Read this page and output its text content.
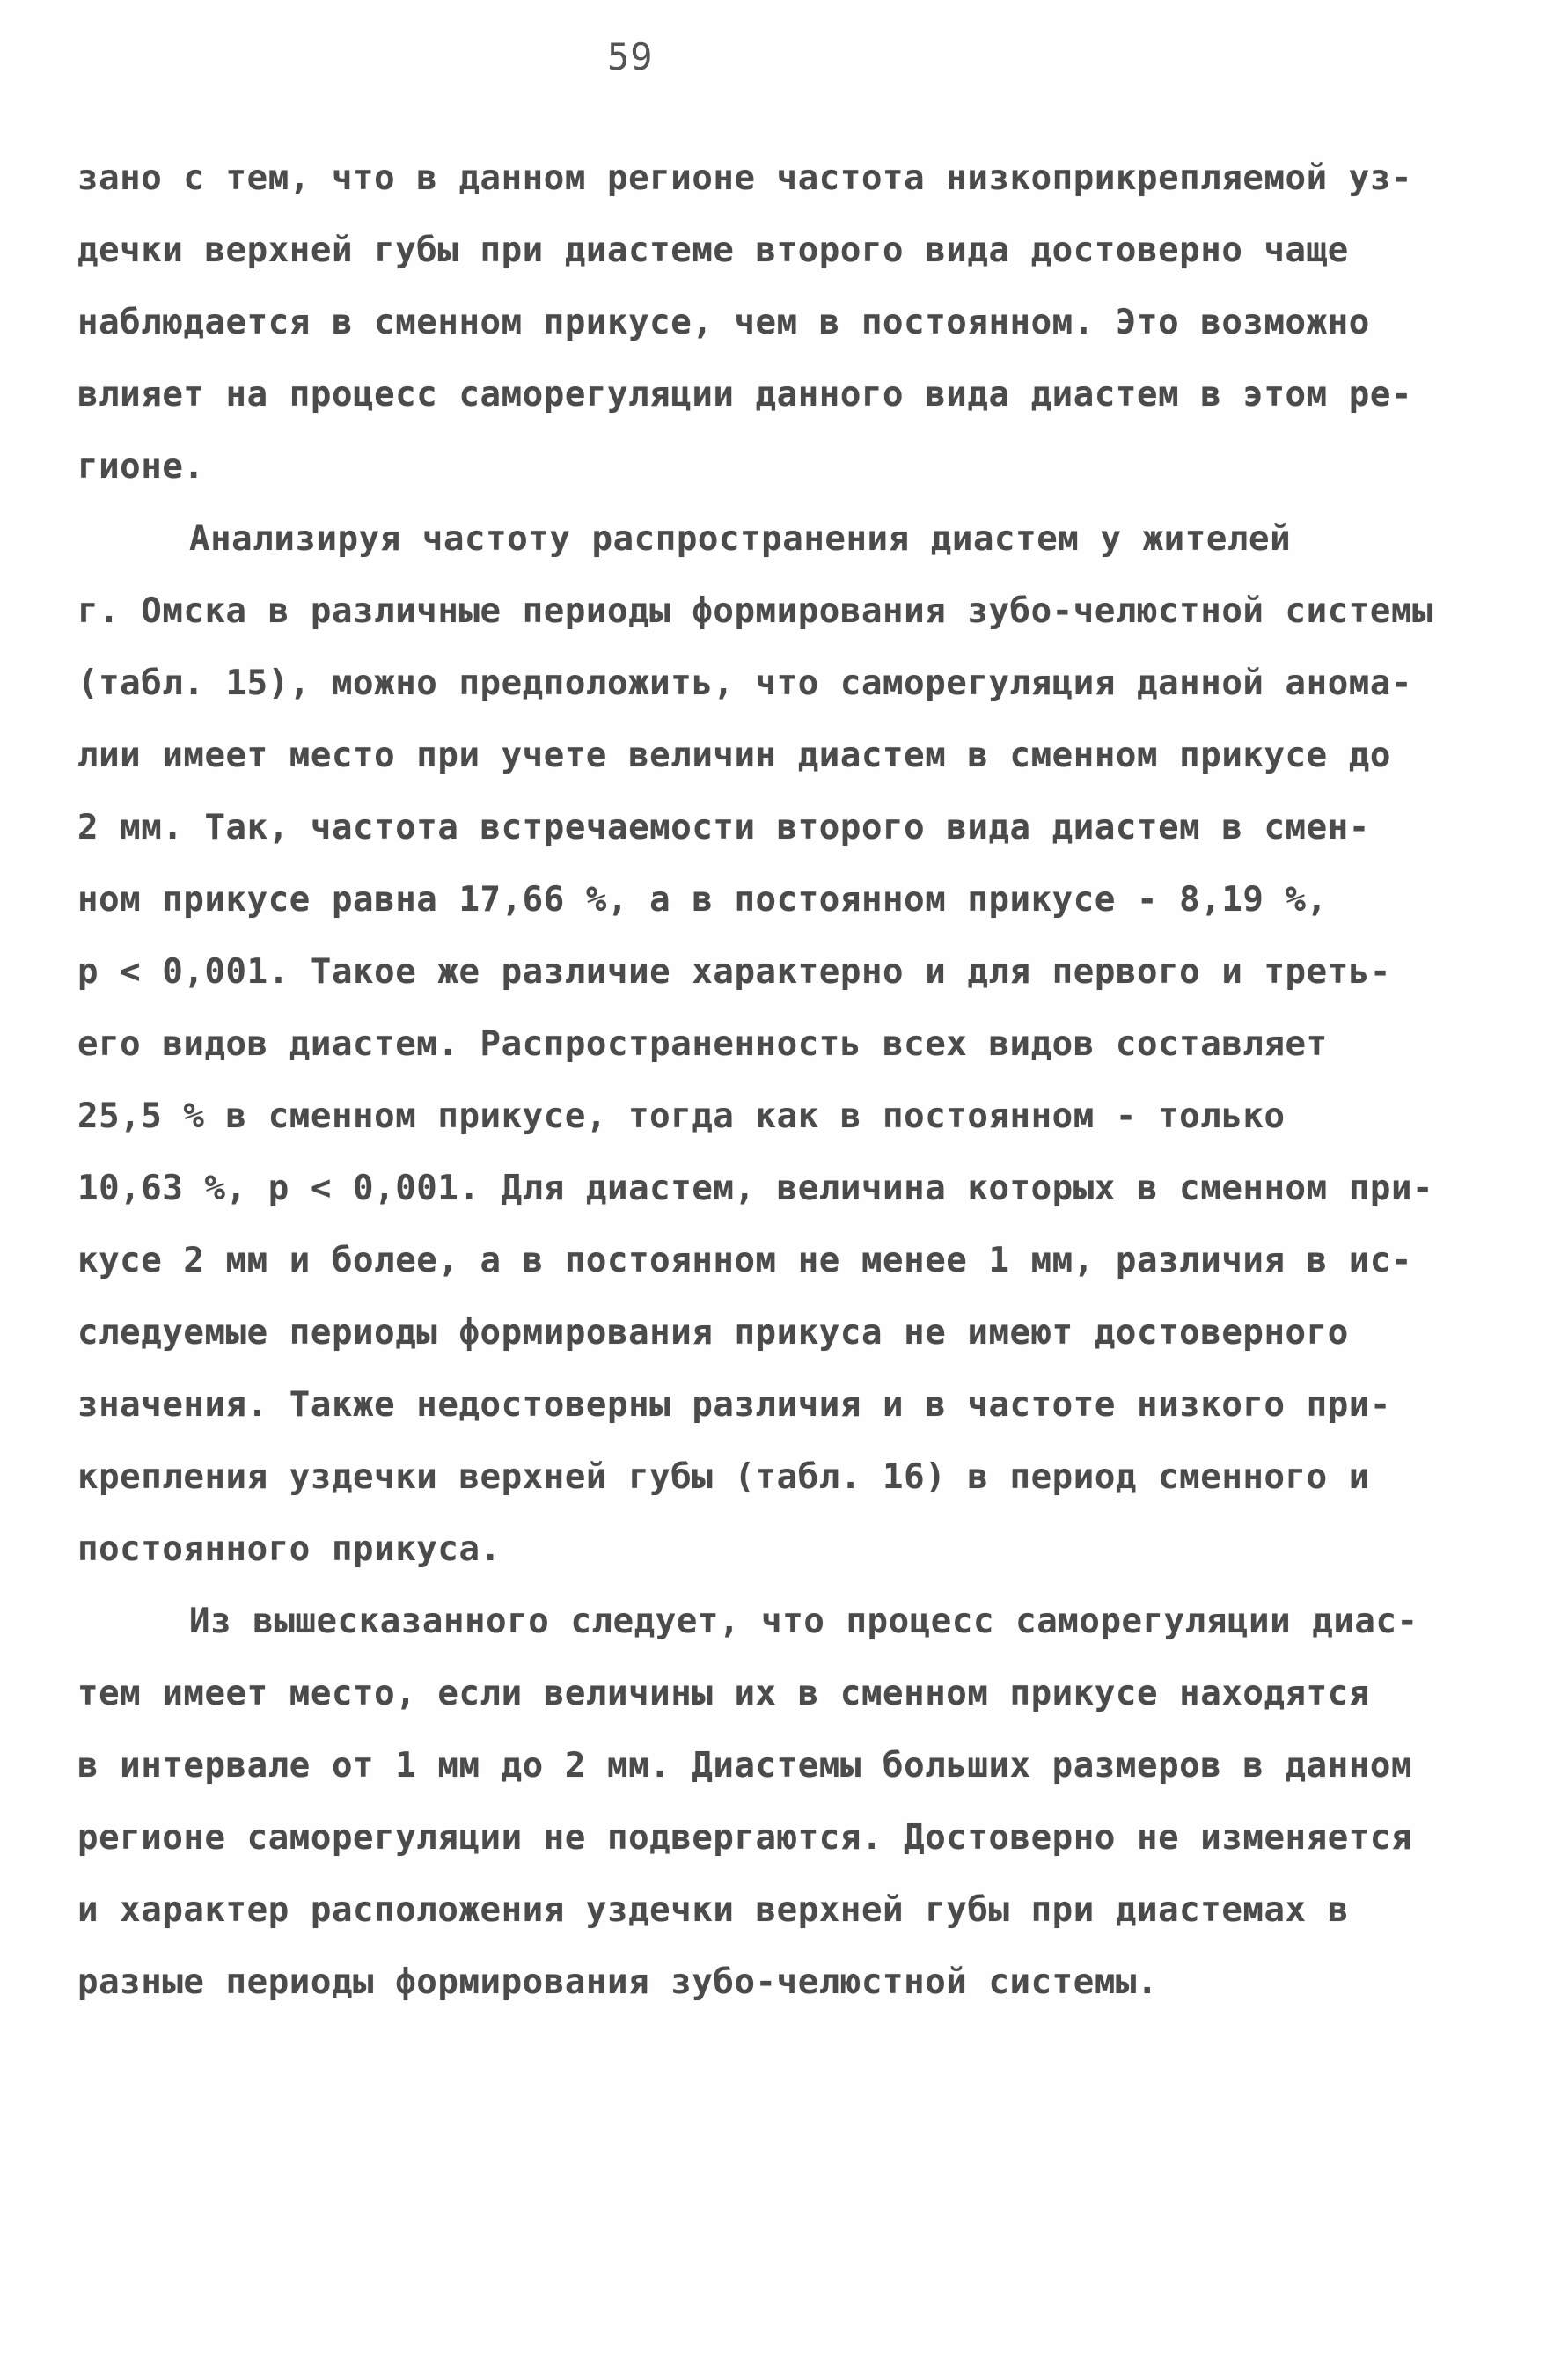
59
зано с тем, что в данном регионе частота низкоприкрепляемой уз-
дечки верхней губы при диастеме второго вида достоверно чаще
наблюдается в сменном прикусе, чем в постоянном. Это возможно
влияет на процесс саморегуляции данного вида диастем в этом ре-
гионе.
Анализируя частоту распространения диастем у жителей
г. Омска в различные периоды формирования зубо-челюстной системы
(табл. 15), можно предположить, что саморегуляция данной анома-
лии имеет место при учете величин диастем в сменном прикусе до
2 мм. Так, частота встречаемости второго вида диастем в смен-
ном прикусе равна 17,66 %, а в постоянном прикусе - 8,19 %,
р < 0,001. Такое же различие характерно и для первого и треть-
его видов диастем. Распространенность всех видов составляет
25,5 % в сменном прикусе, тогда как в постоянном - только
10,63 %, р < 0,001. Для диастем, величина которых в сменном при-
кусе 2 мм и более, а в постоянном не менее 1 мм, различия в ис-
следуемые периоды формирования прикуса не имеют достоверного
значения. Также недостоверны различия и в частоте низкого при-
крепления уздечки верхней губы (табл. 16) в период сменного и
постоянного прикуса.
Из вышесказанного следует, что процесс саморегуляции диас-
тем имеет место, если величины их в сменном прикусе находятся
в интервале от 1 мм до 2 мм. Диастемы больших размеров в данном
регионе саморегуляции не подвергаются. Достоверно не изменяется
и характер расположения уздечки верхней губы при диастемах в
разные периоды формирования зубо-челюстной системы.
